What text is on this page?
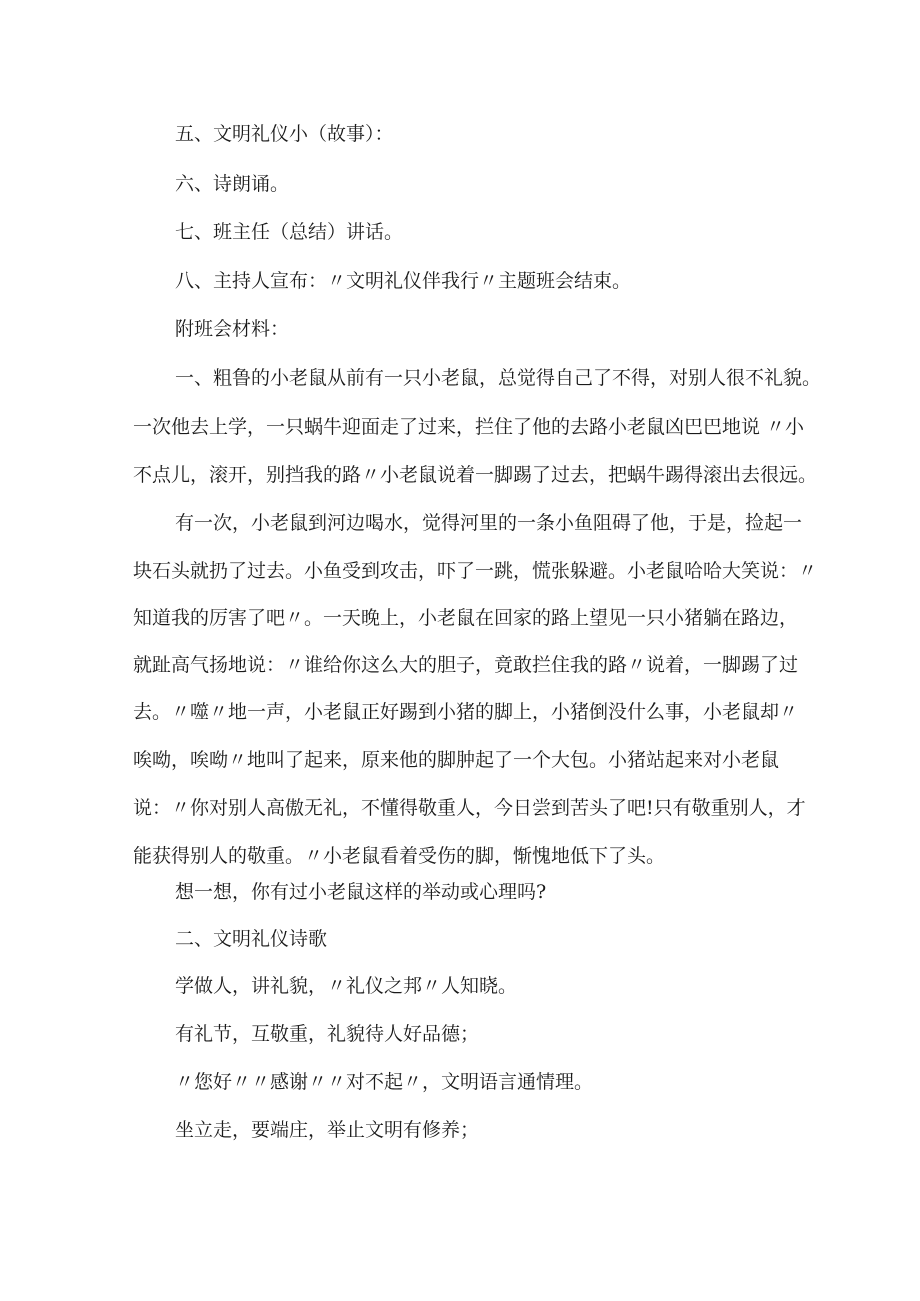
五、文明礼仪小（故事）：

六、诗朗诵。

七、班主任（总结）讲话。

八、主持人宣布：〃文明礼仪伴我行〃主题班会结束。

附班会材料：

一、粗鲁的小老鼠从前有一只小老鼠，总觉得自己了不得，对别人很不礼貌。

一次他去上学，一只蜗牛迎面走了过来，拦住了他的去路小老鼠凶巴巴地说 〃小

不点儿，滚开，别挡我的路〃小老鼠说着一脚踢了过去，把蜗牛踢得滚出去很远。

有一次，小老鼠到河边喝水，觉得河里的一条小鱼阻碍了他，于是，捡起一

块石头就扔了过去。小鱼受到攻击，吓了一跳，慌张躲避。小老鼠哈哈大笑说：〃

知道我的厉害了吧〃。一天晚上，小老鼠在回家的路上望见一只小猪躺在路边，

就趾高气扬地说：〃谁给你这么大的胆子，竟敢拦住我的路〃说着，一脚踢了过

去。〃噬〃地一声，小老鼠正好踢到小猪的脚上，小猪倒没什么事，小老鼠却〃

唉呦，唉呦〃地叫了起来，原来他的脚肿起了一个大包。小猪站起来对小老鼠

说：〃你对别人高傲无礼，不懂得敬重人，今日尝到苦头了吧!只有敬重别人，才

能获得别人的敬重。〃小老鼠看着受伤的脚，惭愧地低下了头。

想一想，你有过小老鼠这样的举动或心理吗?

二、文明礼仪诗歌

学做人，讲礼貌，〃礼仪之邦〃人知晓。

有礼节，互敬重，礼貌待人好品德；

〃您好〃〃感谢〃〃对不起〃，文明语言通情理。

坐立走，要端庄，举止文明有修养；
